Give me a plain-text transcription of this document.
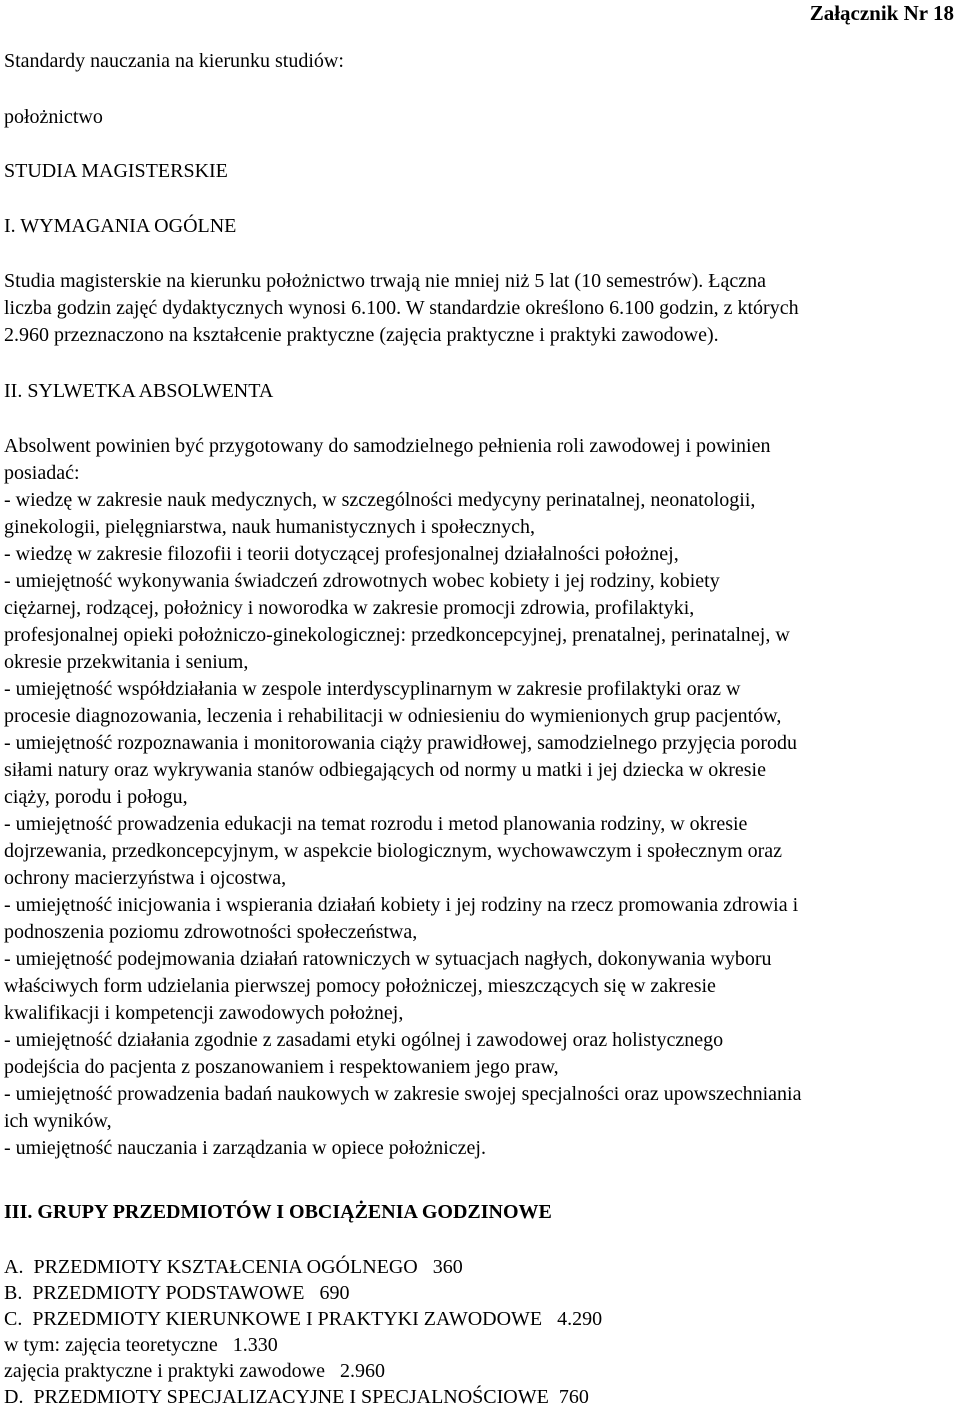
Załącznik Nr 18
Standardy nauczania na kierunku studiów:
położnictwo
STUDIA MAGISTERSKIE
I. WYMAGANIA OGÓLNE
Studia magisterskie na kierunku położnictwo trwają nie mniej niż 5 lat (10 semestrów). Łączna
liczba godzin zajęć dydaktycznych wynosi 6.100. W standardzie określono 6.100 godzin, z których
2.960 przeznaczono na kształcenie praktyczne (zajęcia praktyczne i praktyki zawodowe).
II. SYLWETKA ABSOLWENTA
Absolwent powinien być przygotowany do samodzielnego pełnienia roli zawodowej i powinien
posiadać:
- wiedzę w zakresie nauk medycznych, w szczególności medycyny perinatalnej, neonatologii,
ginekologii, pielęgniarstwa, nauk humanistycznych i społecznych,
- wiedzę w zakresie filozofii i teorii dotyczącej profesjonalnej działalności położnej,
- umiejętność wykonywania świadczeń zdrowotnych wobec kobiety i jej rodziny, kobiety
ciężarnej, rodzącej, położnicy i noworodka w zakresie promocji zdrowia, profilaktyki,
profesjonalnej opieki położniczo-ginekologicznej: przedkoncepcyjnej, prenatalnej, perinatalnej, w
okresie przekwitania i senium,
- umiejętność współdziałania w zespole interdyscyplinarnym w zakresie profilaktyki oraz w
procesie diagnozowania, leczenia i rehabilitacji w odniesieniu do wymienionych grup pacjentów,
- umiejętność rozpoznawania i monitorowania ciąży prawidłowej, samodzielnego przyjęcia porodu
siłami natury oraz wykrywania stanów odbiegających od normy u matki i jej dziecka w okresie
ciąży, porodu i połogu,
- umiejętność prowadzenia edukacji na temat rozrodu i metod planowania rodziny, w okresie
dojrzewania, przedkoncepcyjnym, w aspekcie biologicznym, wychowawczym i społecznym oraz
ochrony macierzyństwa i ojcostwa,
- umiejętność inicjowania i wspierania działań kobiety i jej rodziny na rzecz promowania zdrowia i
podnoszenia poziomu zdrowotności społeczeństwa,
- umiejętność podejmowania działań ratowniczych w sytuacjach nagłych, dokonywania wyboru
właściwych form udzielania pierwszej pomocy położniczej, mieszczących się w zakresie
kwalifikacji i kompetencji zawodowych położnej,
- umiejętność działania zgodnie z zasadami etyki ogólnej i zawodowej oraz holistycznego
podejścia do pacjenta z poszanowaniem i respektowaniem jego praw,
- umiejętność prowadzenia badań naukowych w zakresie swojej specjalności oraz upowszechniania
ich wyników,
- umiejętność nauczania i zarządzania w opiece położniczej.
III. GRUPY PRZEDMIOTÓW I OBCIĄŻENIA GODZINOWE
A.  PRZEDMIOTY KSZTAŁCENIA OGÓLNEGO   360
B.  PRZEDMIOTY PODSTAWOWE   690
C.  PRZEDMIOTY KIERUNKOWE I PRAKTYKI ZAWODOWE   4.290
w tym: zajęcia teoretyczne   1.330
zajęcia praktyczne i praktyki zawodowe   2.960
D.  PRZEDMIOTY SPECJALIZACYJNE I SPECJALNOŚCIOWE  760
